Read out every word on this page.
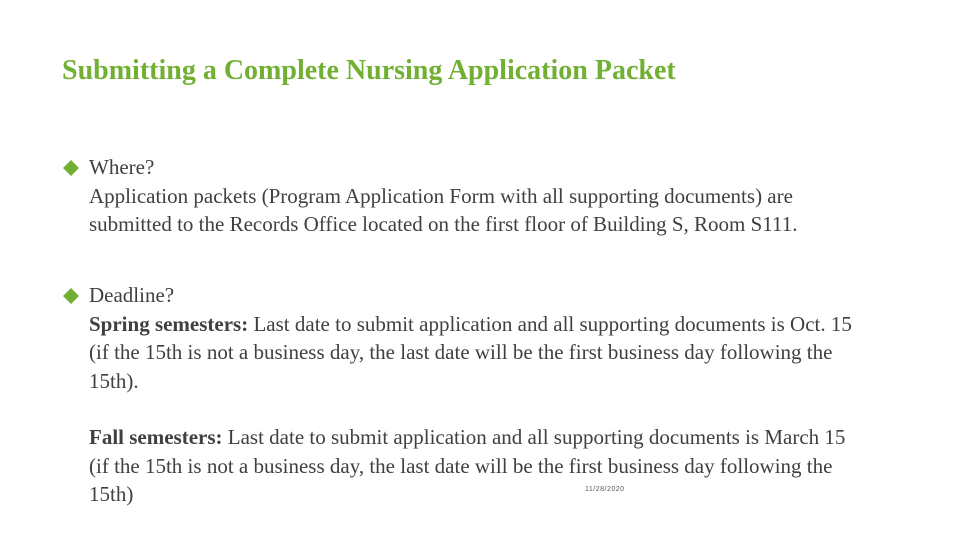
Submitting a Complete Nursing Application Packet

Where?

Application packets (Program Application Form with all supporting documents) are submitted to the Records Office located on the first floor of Building S, Room S111.

Deadline?

Spring semesters: Last date to submit application and all supporting documents is Oct. 15 (if the 15th is not a business day, the last date will be the first business day following the 15th).

Fall semesters: Last date to submit application and all supporting documents is March 15 (if the 15th is not a business day, the last date will be the first business day following the 15th)	11/28/2020
